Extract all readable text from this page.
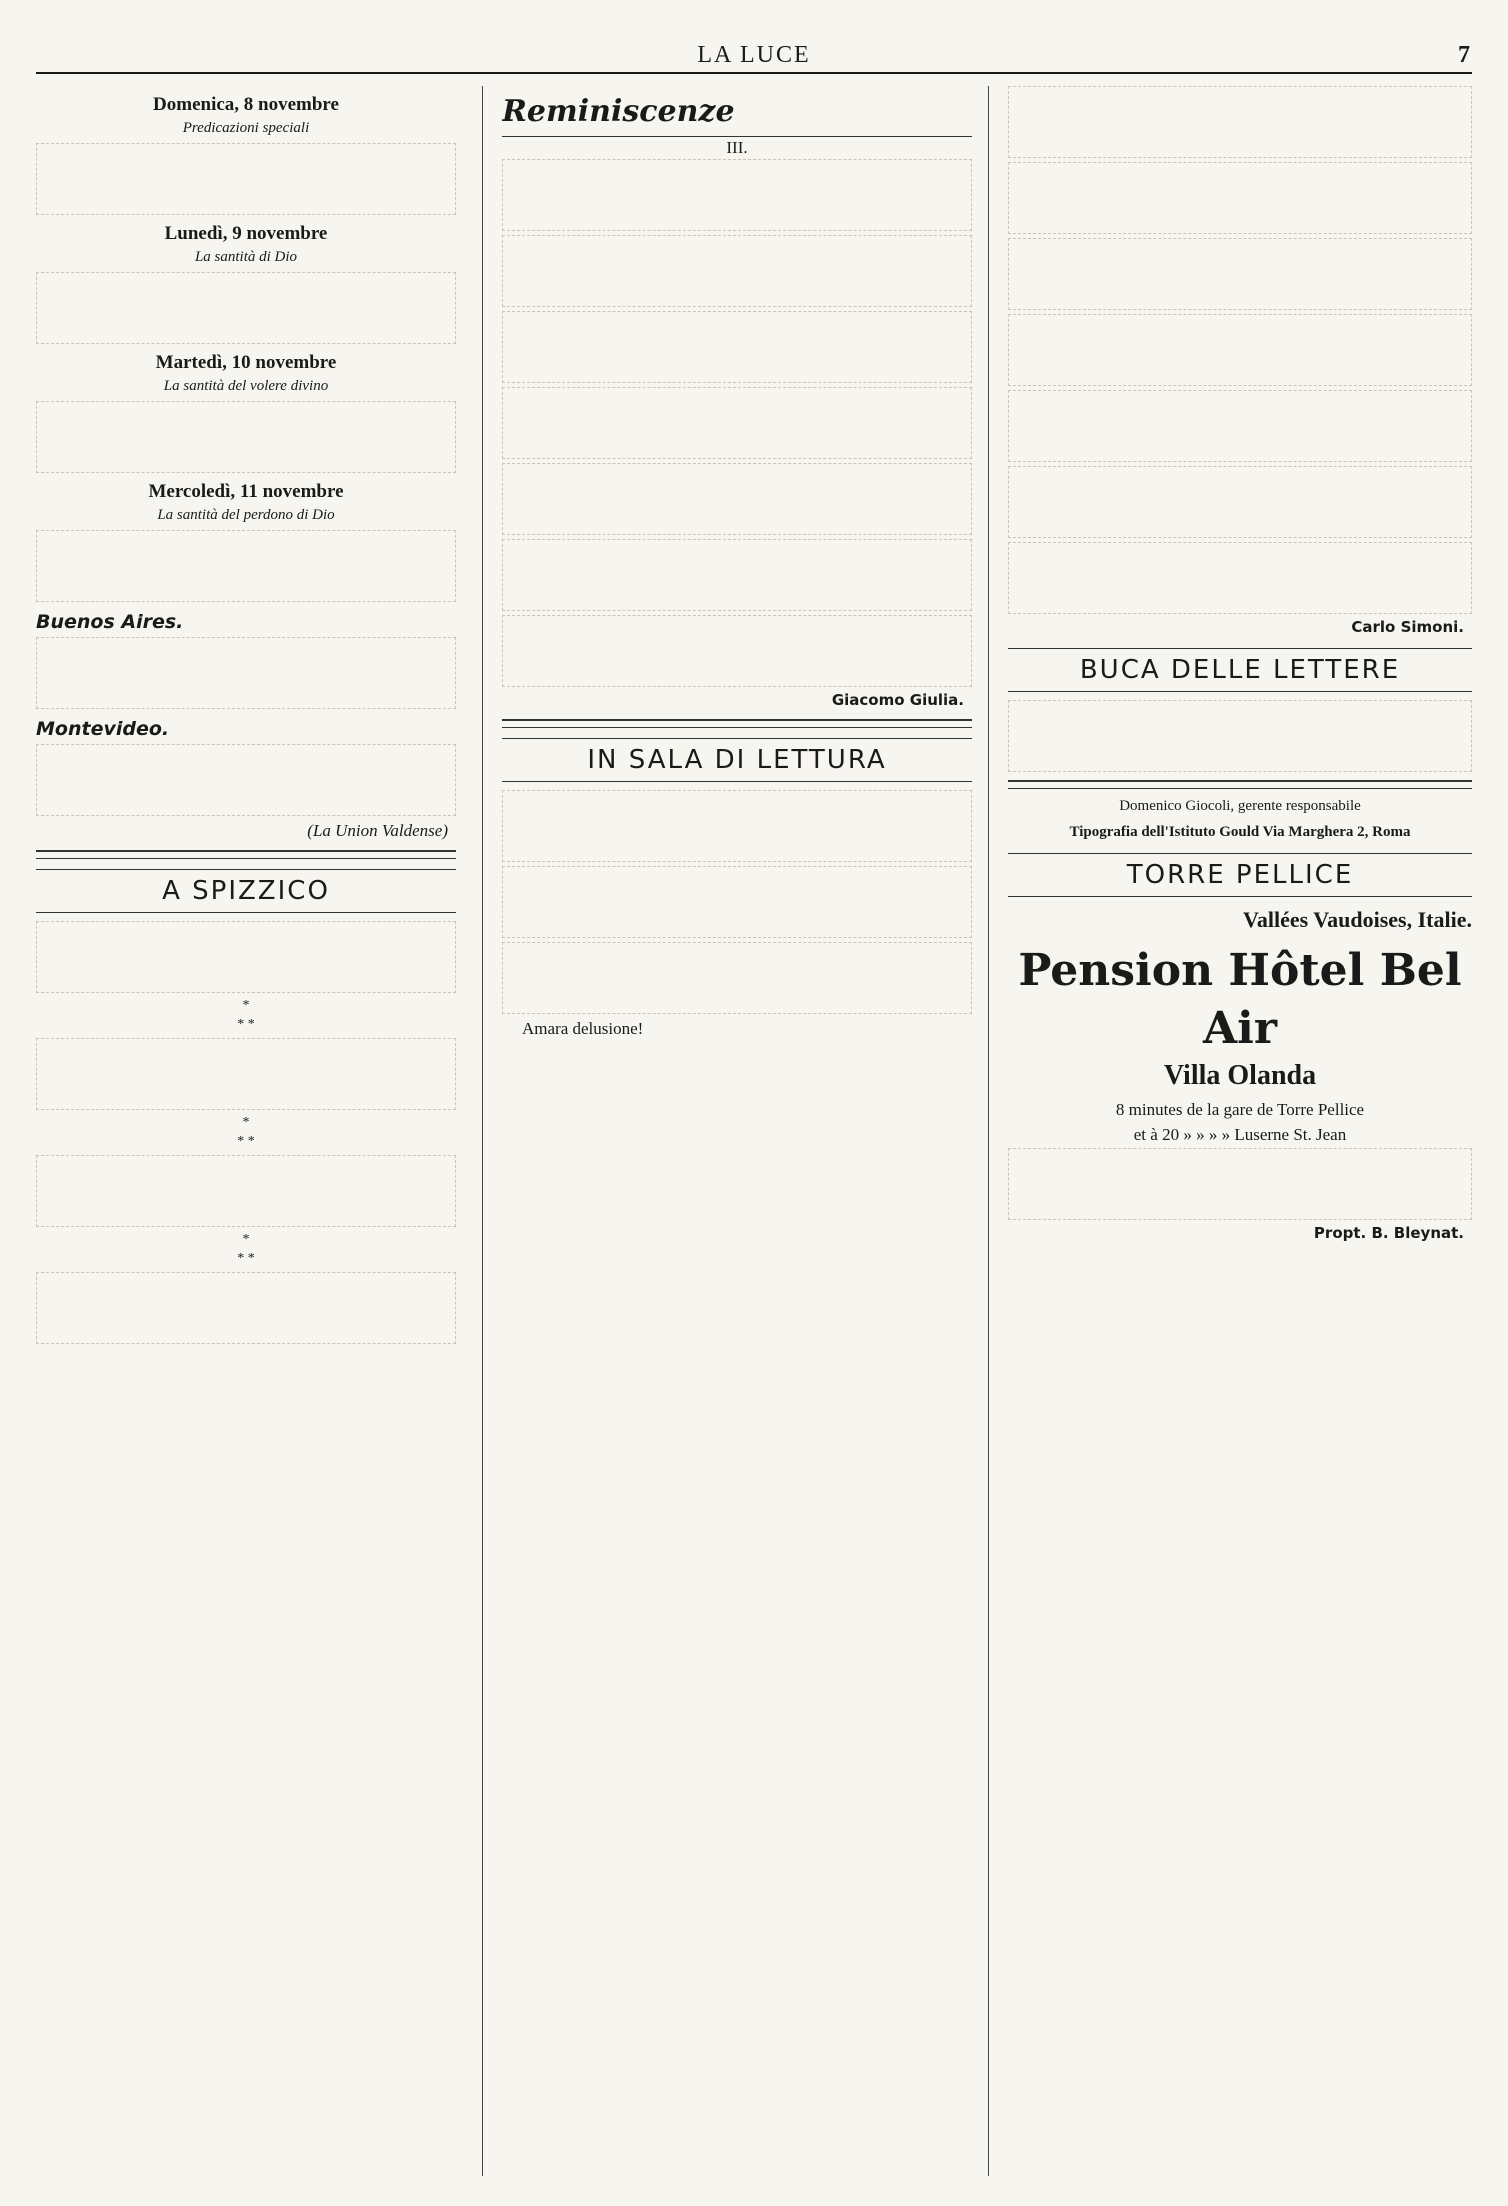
LA LUCE	7
Domenica, 8 novembre
Predicazioni speciali

Lunedì, 9 novembre
La santità di Dio

Martedì, 10 novembre
La santità del volere divino

Mercoledì, 11 novembre
La santità del perdono di Dio

Buenos Aires.

Montevideo.

(La Union Valdense)
A SPIZZICO

*
* *

*
* *

*
* *

Reminiscenze
III.

Giacomo Giulia.
IN SALA DI LETTURA

Amara delusione!

Carlo Simoni.
BUCA DELLE LETTERE

Domenico Giocoli, gerente responsabile
Tipografia dell'Istituto Gould Via Marghera 2, Roma
TORRE PELLICE
Vallées Vaudoises, Italie.
Pension Hôtel Bel Air
Villa Olanda
8 minutes de la gare de Torre Pellice
et à 20 » » » » Luserne St. Jean

Propt. B. Bleynat.
